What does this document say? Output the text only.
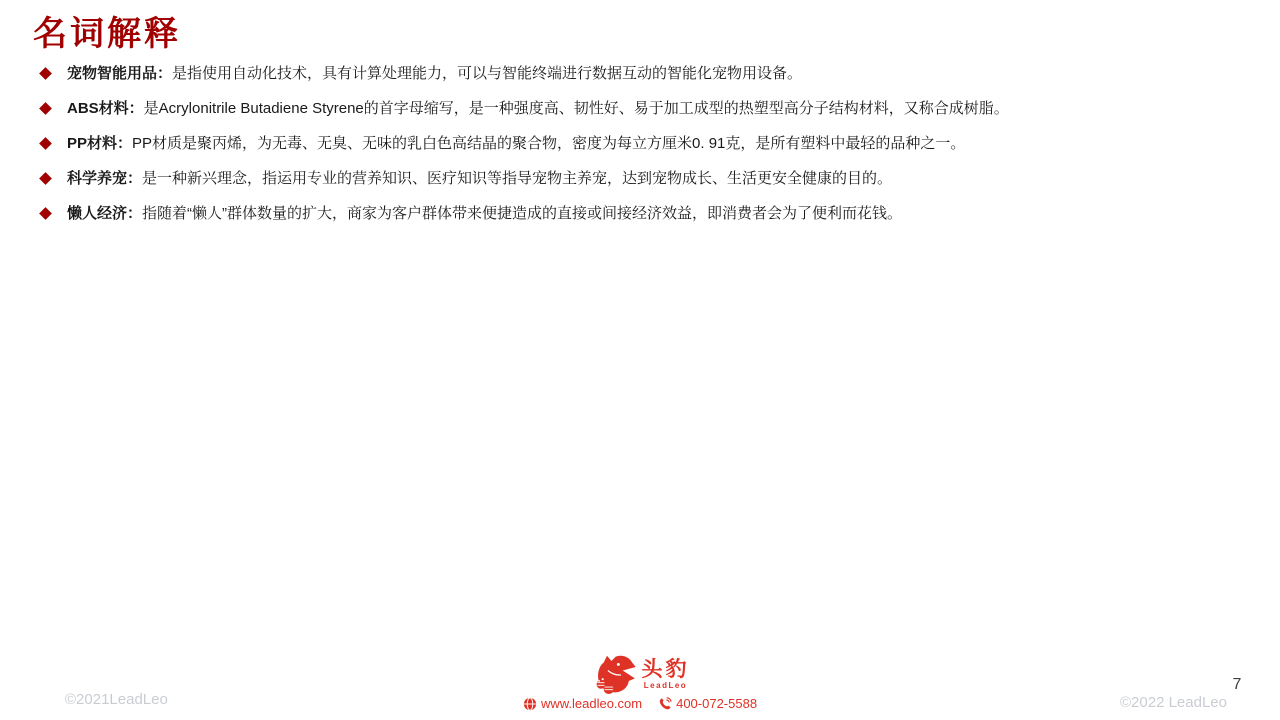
名词解释

宠物智能用品：是指使用自动化技术，具有计算处理能力，可以与智能终端进行数据互动的智能化宠物用设备。

ABS材料：是Acrylonitrile Butadiene Styrene的首字母缩写，是一种强度高、韧性好、易于加工成型的热塑型高分子结构材料，又称合成树脂。

PP材料：PP材质是聚丙烯，为无毒、无臭、无味的乳白色高结晶的聚合物，密度为每立方厘米0. 91克，是所有塑料中最轻的品种之一。

科学养宠：是一种新兴理念，指运用专业的营养知识、医疗知识等指导宠物主养宠，达到宠物成长、生活更安全健康的目的。

懒人经济：指随着“懒人”群体数量的扩大，商家为客户群体带来便捷造成的直接或间接经济效益，即消费者会为了便利而花钱。

©2021LeadLeo
头豹
LeadLeo
www.leadleo.com	400-072-5588
7
©2022 LeadLeo
